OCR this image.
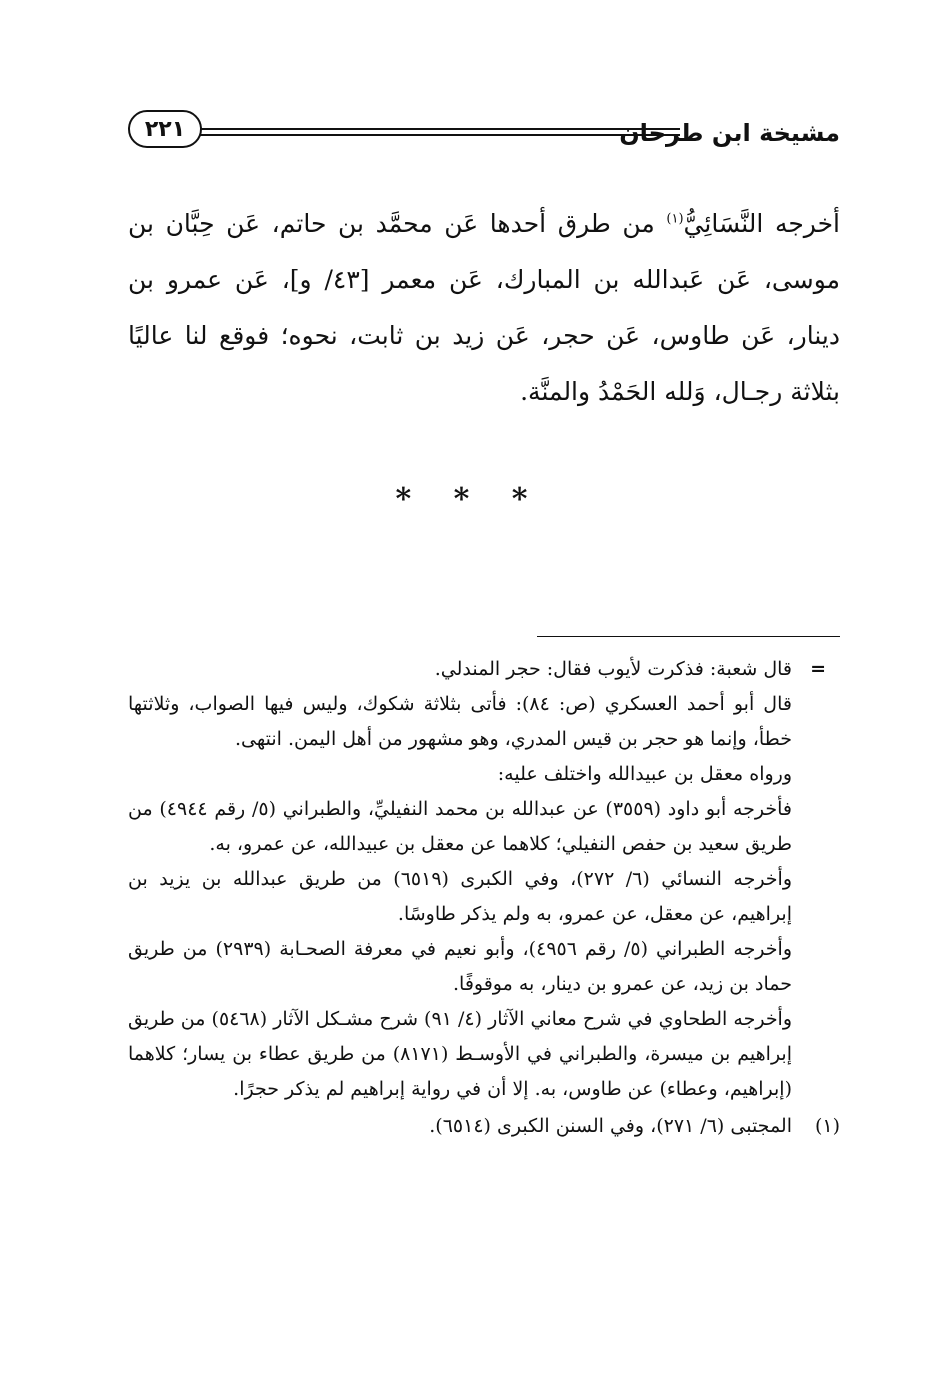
مشيخة ابن طرخان
٢٢١
أخرجه النَّسَائِيُّ$^{(١)}$ من طرق أحدها عَن محمَّد بن حاتم، عَن حِبَّان بن موسى، عَن عَبدالله بن المبارك، عَن معمر [٤٣/ و]، عَن عمرو بن دينار، عَن طاوس، عَن حجر، عَن زيد بن ثابت، نحوه؛ فوقع لنا عاليًا بثلاثة رجـال، وَلله الحَمْدُ والمنَّة.
* * *
=
قال شعبة: فذكرت لأيوب فقال: حجر المندلي.
قال أبو أحمد العسكري (ص: ٨٤): فأتى بثلاثة شكوك، وليس فيها الصواب، وثلاثتها خطأ، وإنما هو حجر بن قيس المدري، وهو مشهور من أهل اليمن. انتهى.
ورواه معقل بن عبيدالله واختلف عليه:
فأخرجه أبو داود (٣٥٥٩) عن عبدالله بن محمد النفيليِّ، والطبراني (٥/ رقم ٤٩٤٤) من طريق سعيد بن حفص النفيلي؛ كلاهما عن معقل بن عبيدالله، عن عمرو، به.
وأخرجه النسائي (٦/ ٢٧٢)، وفي الكبرى (٦٥١٩) من طريق عبدالله بن يزيد بن إبراهيم، عن معقل، عن عمرو، به ولم يذكر طاوسًا.
وأخرجه الطبراني (٥/ رقم ٤٩٥٦)، وأبو نعيم في معرفة الصحـابة (٢٩٣٩) من طريق حماد بن زيد، عن عمرو بن دينار، به موقوفًا.
وأخرجه الطحاوي في شرح معاني الآثار (٤/ ٩١) شرح مشـكل الآثار (٥٤٦٨) من طريق إبراهيم بن ميسرة، والطبراني في الأوسـط (٨١٧١) من طريق عطاء بن يسار؛ كلاهما (إبراهيم، وعطاء) عن طاوس، به. إلا أن في رواية إبراهيم لم يذكر حجرًا.
(١)
المجتبى (٦/ ٢٧١)، وفي السنن الكبرى (٦٥١٤).
